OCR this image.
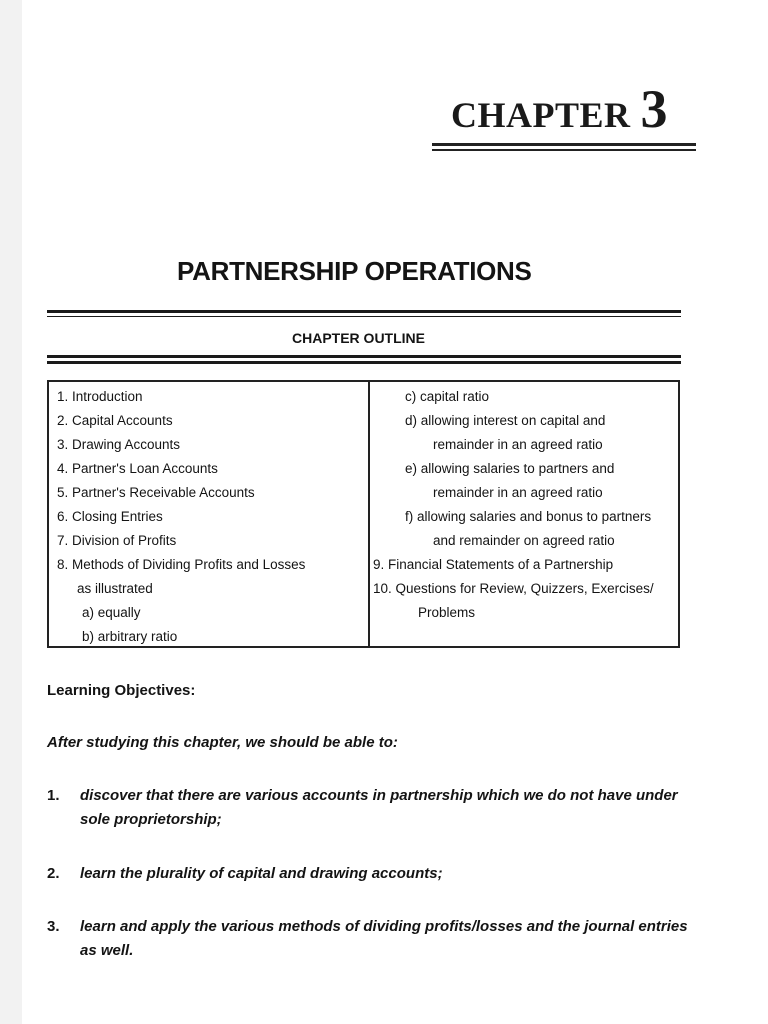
CHAPTER 3
PARTNERSHIP OPERATIONS
CHAPTER OUTLINE
1. Introduction
2. Capital Accounts
3. Drawing Accounts
4. Partner's Loan Accounts
5. Partner's Receivable Accounts
6. Closing Entries
7. Division of Profits
8. Methods of Dividing Profits and Losses
as illustrated
a) equally
b) arbitrary ratio
c) capital ratio
d) allowing interest on capital and
remainder in an agreed ratio
e) allowing salaries to partners and
remainder in an agreed ratio
f) allowing salaries and bonus to partners
and remainder on agreed ratio
9. Financial Statements of a Partnership
10. Questions for Review, Quizzers, Exercises/
Problems
Learning Objectives:
After studying this chapter, we should be able to:
1.	discover that there are various accounts in partnership which we do not have under sole proprietorship;
2.	learn the plurality of capital and drawing accounts;
3.	learn and apply the various methods of dividing profits/losses and the journal entries as well.
